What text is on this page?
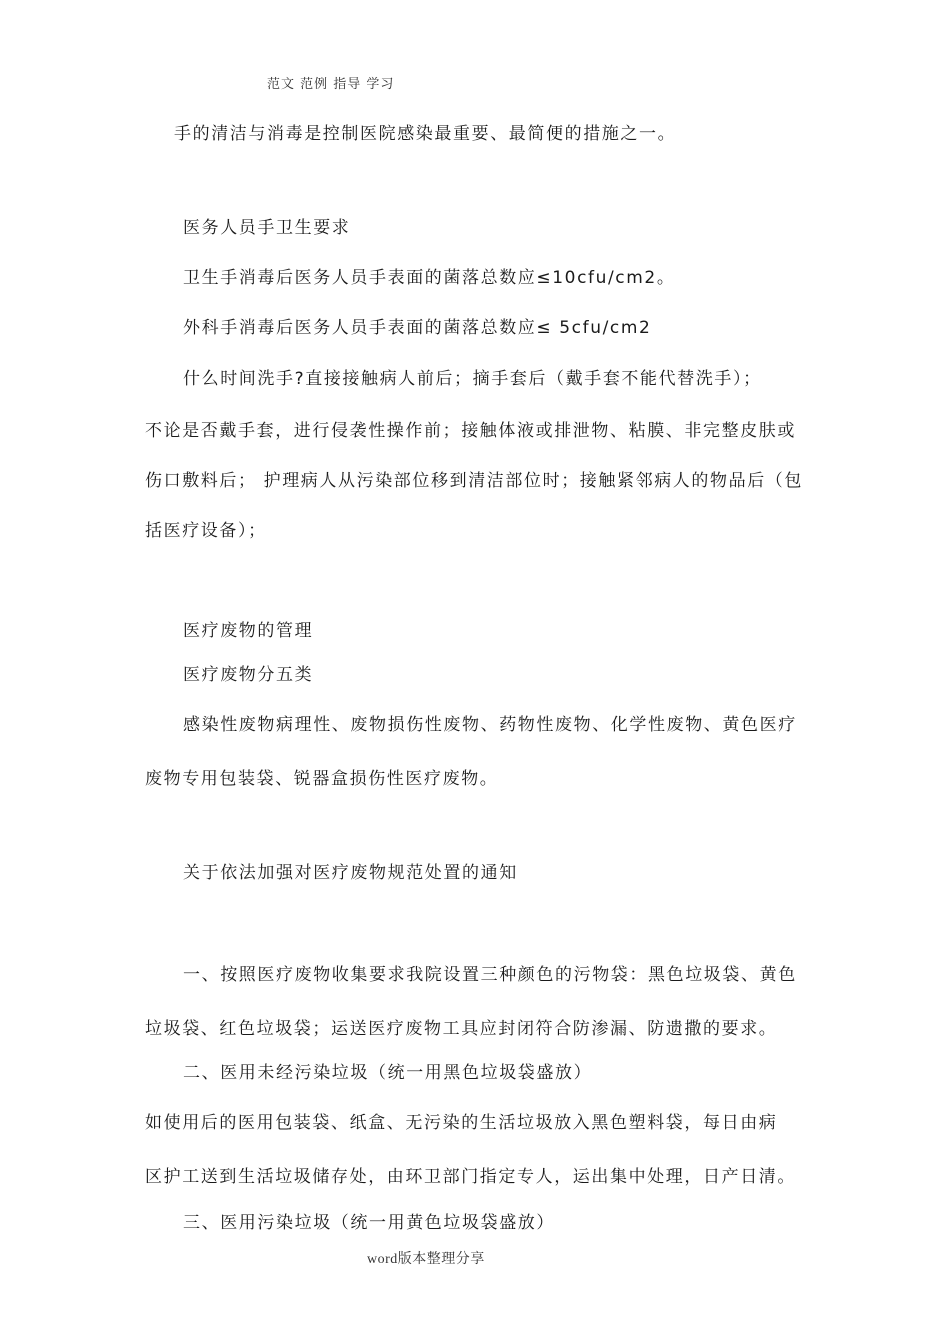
范文 范例 指导 学习
手的清洁与消毒是控制医院感染最重要、最简便的措施之一。
医务人员手卫生要求
卫生手消毒后医务人员手表面的菌落总数应≤10cfu/cm2。
外科手消毒后医务人员手表面的菌落总数应≤ 5cfu/cm2
什么时间洗手?直接接触病人前后；摘手套后（戴手套不能代替洗手）；
不论是否戴手套，进行侵袭性操作前；接触体液或排泄物、粘膜、非完整皮肤或
伤口敷料后； 护理病人从污染部位移到清洁部位时；接触紧邻病人的物品后（包
括医疗设备）；
医疗废物的管理
医疗废物分五类
感染性废物病理性、废物损伤性废物、药物性废物、化学性废物、黄色医疗
废物专用包装袋、锐器盒损伤性医疗废物。
关于依法加强对医疗废物规范处置的通知
一、按照医疗废物收集要求我院设置三种颜色的污物袋：黑色垃圾袋、黄色
垃圾袋、红色垃圾袋；运送医疗废物工具应封闭符合防渗漏、防遗撒的要求。
二、医用未经污染垃圾（统一用黑色垃圾袋盛放）
如使用后的医用包装袋、纸盒、无污染的生活垃圾放入黑色塑料袋，每日由病
区护工送到生活垃圾储存处，由环卫部门指定专人，运出集中处理，日产日清。
三、医用污染垃圾（统一用黄色垃圾袋盛放）
word版本整理分享
